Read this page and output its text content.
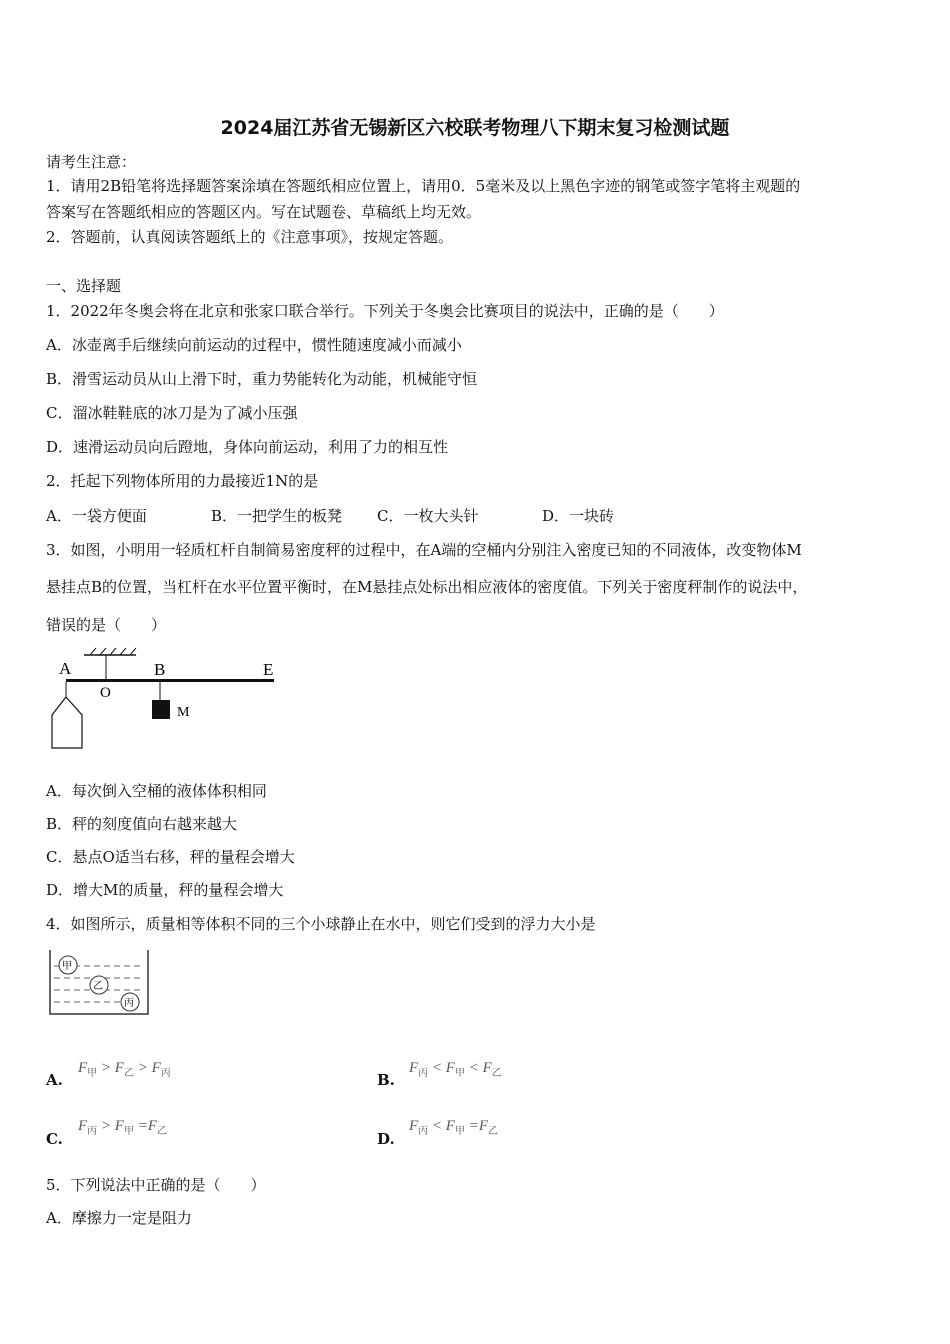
2024届江苏省无锡新区六校联考物理八下期末复习检测试题
请考生注意：
1．请用2B铅笔将选择题答案涂填在答题纸相应位置上，请用0．5毫米及以上黑色字迹的钢笔或签字笔将主观题的
答案写在答题纸相应的答题区内。写在试题卷、草稿纸上均无效。
2．答题前，认真阅读答题纸上的《注意事项》，按规定答题。
一、选择题
1．2022年冬奥会将在北京和张家口联合举行。下列关于冬奥会比赛项目的说法中，正确的是（　　）
A．冰壶离手后继续向前运动的过程中，惯性随速度减小而减小
B．滑雪运动员从山上滑下时，重力势能转化为动能，机械能守恒
C．溜冰鞋鞋底的冰刀是为了减小压强
D．速滑运动员向后蹬地，身体向前运动，利用了力的相互性
2．托起下列物体所用的力最接近1N的是
A．一袋方便面	B．一把学生的板凳 C．一枚大头针	D．一块砖
3．如图，小明用一轻质杠杆自制简易密度秤的过程中，在A端的空桶内分别注入密度已知的不同液体，改变物体M
悬挂点B的位置，当杠杆在水平位置平衡时，在M悬挂点处标出相应液体的密度值。下列关于密度秤制作的说法中，
错误的是（　　）
A
O
B	E
M
A．每次倒入空桶的液体体积相同
B．秤的刻度值向右越来越大
C．悬点O适当右移，秤的量程会增大
D．增大M的质量，秤的量程会增大
4．如图所示，质量相等体积不同的三个小球静止在水中，则它们受到的浮力大小是
甲
乙
丙
A.
$F_甲 > F_乙 > F_丙$	B.
$F_丙 < F_甲 < F_乙$
C.
$F_丙 > F_甲 =F_乙$	D.
$F_丙 < F_甲 =F_乙$
5．下列说法中正确的是（　　）
A．摩擦力一定是阻力
